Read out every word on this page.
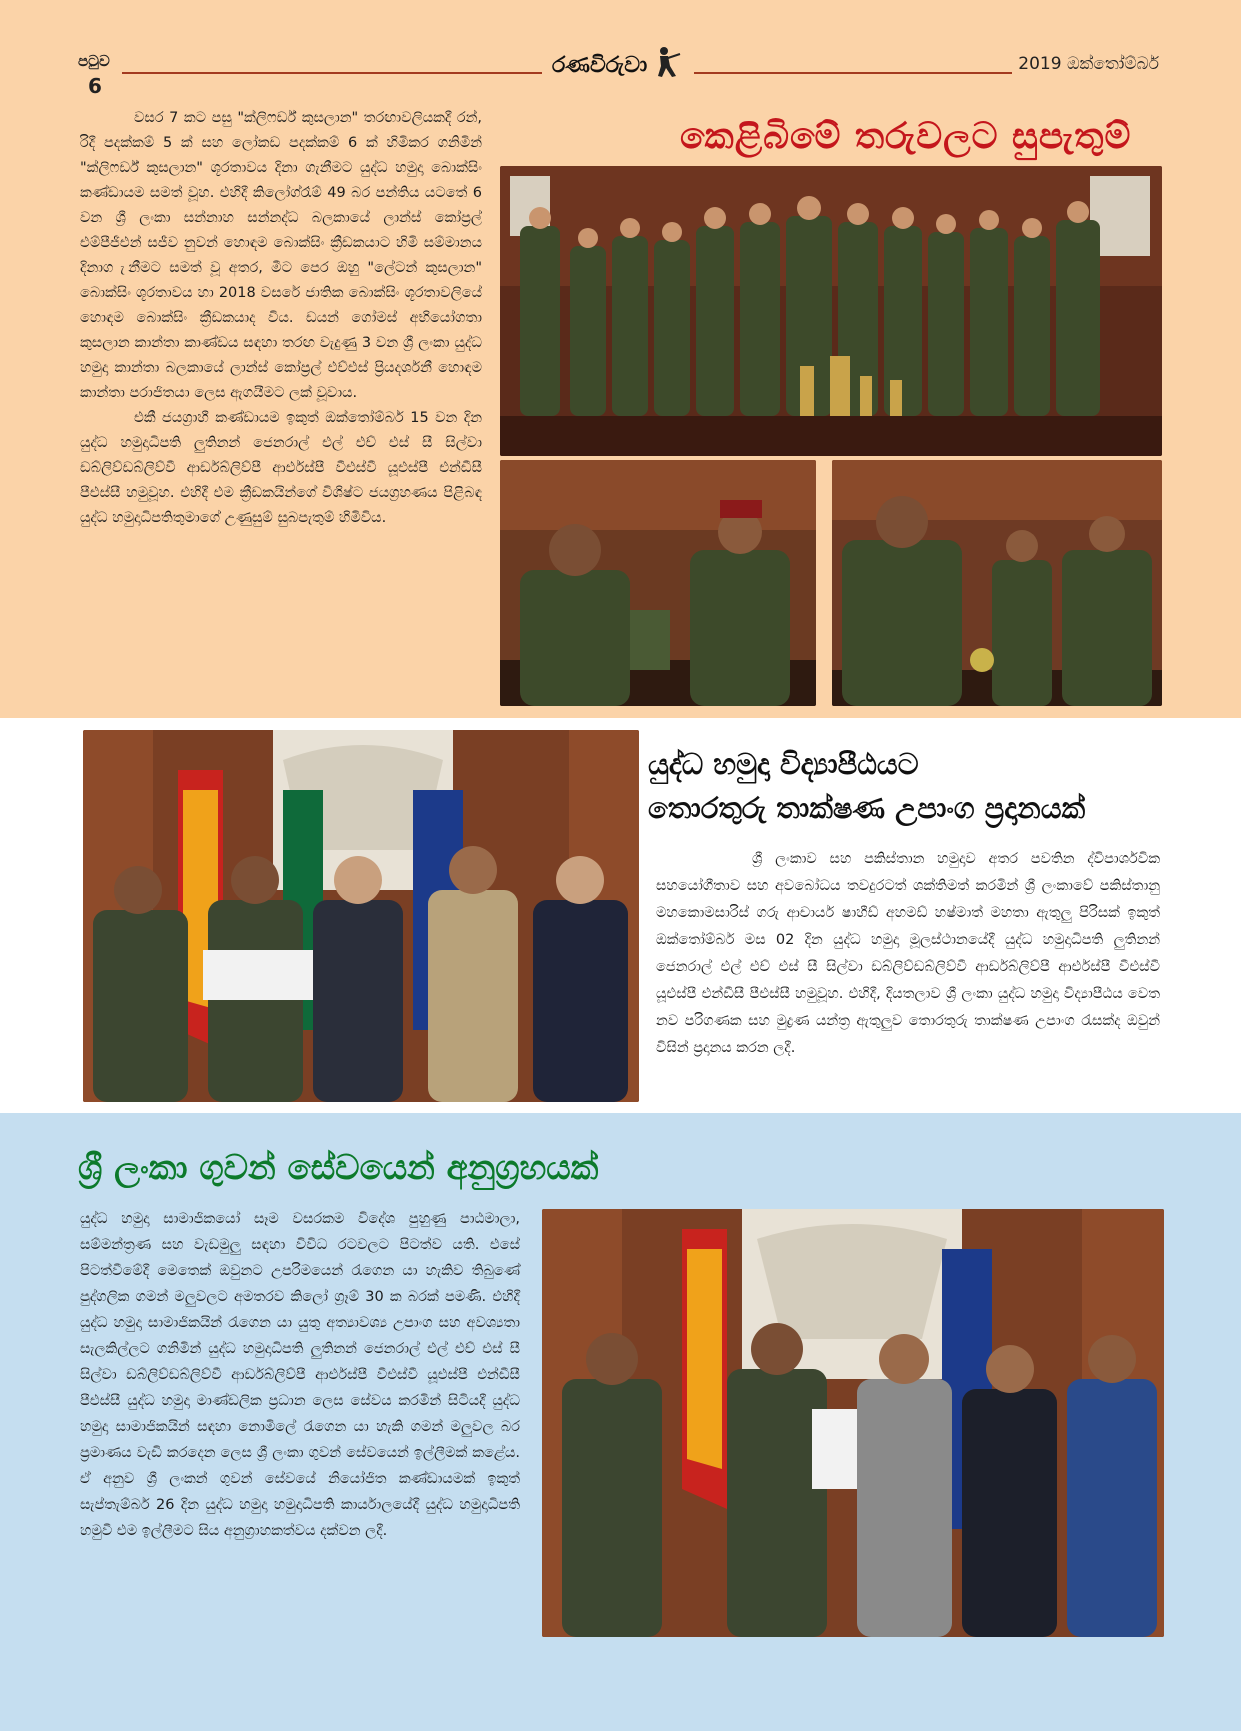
පටුව
6
රණවිරුවා	2019 ඔක්තෝම්බර්
කෙළිබිමේ තරුවලට සුපැතුම්

වසර 7 කට පසු "ක්ලිෆර්ඩ් කුසලාන" තරඟාවලියකදී රන්, රිදී පදක්කම් 5 ක් සහ ලෝකඩ පදක්කම් 6 ක් හිමිකර ගනිමින් "ක්ලිෆර්ඩ් කුසලාන" ශූරතාවය දිනා ගැනීමට යුද්ධ හමුදා බොක්සිං කණ්ඩායම සමත් වූහ. එහිදී කිලෝග්රෑම් 49 බර පන්තිය යටතේ 6 වන ශ්‍රී ලංකා සන්නාහ සන්නද්ධ බලකායේ ලාන්ස් කෝප්‍රල් එම්පීජීඑන් සජීව නුවන් හොඳම බොක්සිං ක්‍රීඩකයාට හිමි සම්මානය දිනාග ැනීමට සමත් වූ අතර, මීට පෙර ඔහු "ලේටන් කුසලාන" බොක්සිං ශූරතාවය හා 2018 වසරේ ජාතික බොක්සිං ශූරතාවලියේ හොඳම බොක්සිං ක්‍රීඩකයාද විය. ඩයන් ගෝමස් අභියෝගතා කුසලාන කාන්තා කාණ්ඩය සඳහා තරඟ වැදුණු 3 වන ශ්‍රී ලංකා යුද්ධ හමුදා කාන්තා බලකායේ ලාන්ස් කෝප්‍රල් එච්එස් ප්‍රියදර්ශනී හොඳම කාන්තා පරාජිතයා ලෙස ඇගයීමට ලක් වූවාය.

එකී ජයග්‍රාහී කණ්ඩායම ඉකුත් ඔක්තෝම්බර් 15 වන දින යුද්ධ හමුදාධිපති ලුතිනන් ජෙනරාල් එල් එච් එස් සී සිල්වා ඩබ්ලිව්ඩබ්ලිව්වී ආර්ඩබ්ලිව්පී ආර්එස්පී වීඑස්වී යූඑස්පී එන්ඩීසී පීඑස්සී හමුවූහ. එහිදී එම ක්‍රීඩකයින්ගේ විශිෂ්ට ජයග්‍රහණය පිළිබඳ යුද්ධ හමුදාධිපතිතුමාගේ උණුසුම් සුබපැතුම් හිමිවිය.

යුද්ධ හමුදා විද්‍යාපීඨයට
තොරතුරු තාක්ෂණ උපාංග ප්‍රදානයක්

ශ්‍රී ලංකාව සහ පකිස්තාන හමුදාව අතර පවතින ද්විපාර්ශවික සහයෝගීතාව සහ අවබෝධය තවදුරටත් ශක්තිමත් කරමින් ශ්‍රී ලංකාවේ පකිස්තානු මහකොමසාරිස් ගරු ආචාර්ය ෂාහීඩ් අහමඩ් හෂ්මාත් මහතා ඇතුලු පිරිසක් ඉකුත් ඔක්තෝම්බර් මස 02 දින යුද්ධ හමුදා මූලස්ථානයේදී යුද්ධ හමුදාධිපති ලුතිනන් ජෙනරාල් එල් එච් එස් සී සිල්වා ඩබ්ලිව්ඩබ්ලිව්වී ආර්ඩබ්ලිව්පී ආර්එස්පී වීඑස්වී යූඑස්පී එන්ඩීසී පීඑස්සී හමුවූහ. එහිදී, දියතලාව ශ්‍රී ලංකා යුද්ධ හමුදා විද්‍යාපීඨය වෙත නව පරිගණක සහ මුද්‍රණ යන්ත්‍ර ඇතුලුව තොරතුරු තාක්ෂණ උපාංග රැසක්ද ඔවුන් විසින් ප්‍රදානය කරන ලදී.

ශ්‍රී ලංකා ගුවන් සේවයෙන් අනුග්‍රහයක්

යුද්ධ හමුදා සාමාජිකයෝ සෑම වසරකම විදේශ පුහුණු පාඨමාලා, සම්මන්ත්‍රණ සහ වැඩමුලු සඳහා විවිධ රටවලට පිටත්ව යති. එසේ පිටත්වීමේදී මෙතෙක් ඔවුනට උපරිමයෙන් රැගෙන යා හැකිව තිබුණේ පුද්ගලික ගමන් මලුවලට අමතරව කිලෝ ග්‍රෑම් 30 ක බරක් පමණි. එහිදී යුද්ධ හමුදා සාමාජිකයින් රැගෙන යා යුතු අත්‍යාවශ්‍ය උපාංග සහ අවශ්‍යතා සැලකිල්ලට ගනිමින් යුද්ධ හමුදාධිපති ලුතිනන් ජෙනරාල් එල් එච් එස් සී සිල්වා ඩබ්ලිව්ඩබ්ලිව්වී ආර්ඩබ්ලිව්පී ආර්එස්පී වීඑස්වී යූඑස්පී එන්ඩීසී පීඑස්සී යුද්ධ හමුදා මාණ්ඩලික ප්‍රධාන ලෙස සේවය කරමින් සිටියදී යුද්ධ හමුදා සාමාජිකයින් සඳහා නොමිලේ රැගෙන යා හැකි ගමන් මලුවල බර ප්‍රමාණය වැඩි කරදෙන ලෙස ශ්‍රී ලංකා ගුවන් සේවයෙන් ඉල්ලීමක් කළේය. ඒ අනුව ශ්‍රී ලංකන් ගුවන් සේවයේ නියෝජිත කණ්ඩායමක් ඉකුත් සැප්තැම්බර් 26 දින යුද්ධ හමුදා හමුදාධිපති කාර්යාලයේදී යුද්ධ හමුදාධිපති හමුවී එම ඉල්ලීමට සිය අනුග්‍රාහකත්වය දක්වන ලදී.
